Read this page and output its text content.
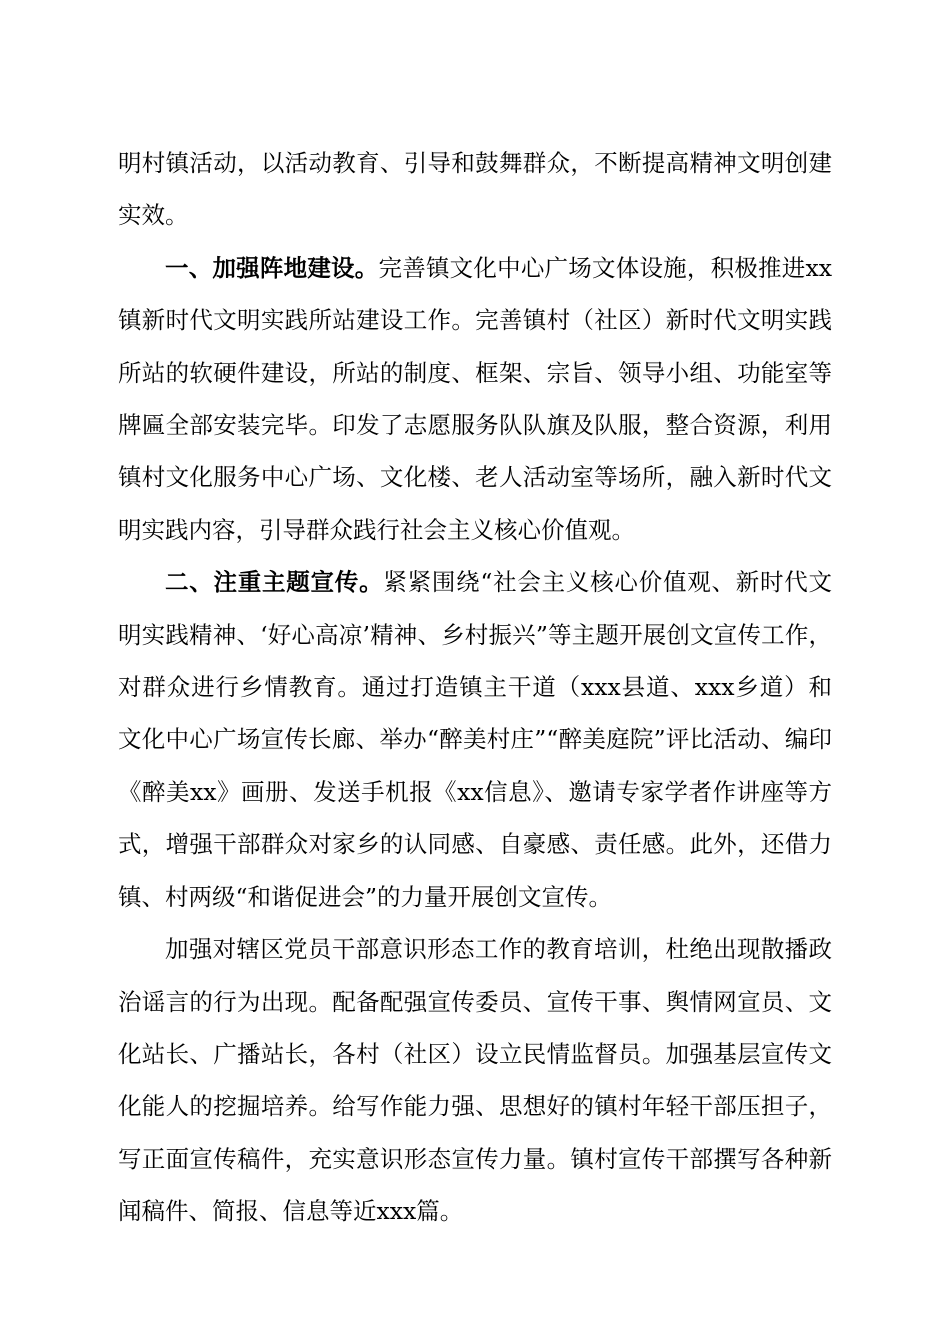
明村镇活动，以活动教育、引导和鼓舞群众，不断提高精神文明创建实效。

一、加强阵地建设。完善镇文化中心广场文体设施，积极推进xx镇新时代文明实践所站建设工作。完善镇村（社区）新时代文明实践所站的软硬件建设，所站的制度、框架、宗旨、领导小组、功能室等牌匾全部安装完毕。印发了志愿服务队队旗及队服，整合资源，利用镇村文化服务中心广场、文化楼、老人活动室等场所，融入新时代文明实践内容，引导群众践行社会主义核心价值观。

二、注重主题宣传。紧紧围绕“社会主义核心价值观、新时代文明实践精神、‘好心高凉’精神、乡村振兴”等主题开展创文宣传工作，对群众进行乡情教育。通过打造镇主干道（xxx县道、xxx乡道）和文化中心广场宣传长廊、举办“醉美村庄”“醉美庭院”评比活动、编印《醉美xx》画册、发送手机报《xx信息》、邀请专家学者作讲座等方式，增强干部群众对家乡的认同感、自豪感、责任感。此外，还借力镇、村两级“和谐促进会”的力量开展创文宣传。

加强对辖区党员干部意识形态工作的教育培训，杜绝出现散播政治谣言的行为出现。配备配强宣传委员、宣传干事、舆情网宣员、文化站长、广播站长，各村（社区）设立民情监督员。加强基层宣传文化能人的挖掘培养。给写作能力强、思想好的镇村年轻干部压担子，写正面宣传稿件，充实意识形态宣传力量。镇村宣传干部撰写各种新闻稿件、简报、信息等近xxx篇。
